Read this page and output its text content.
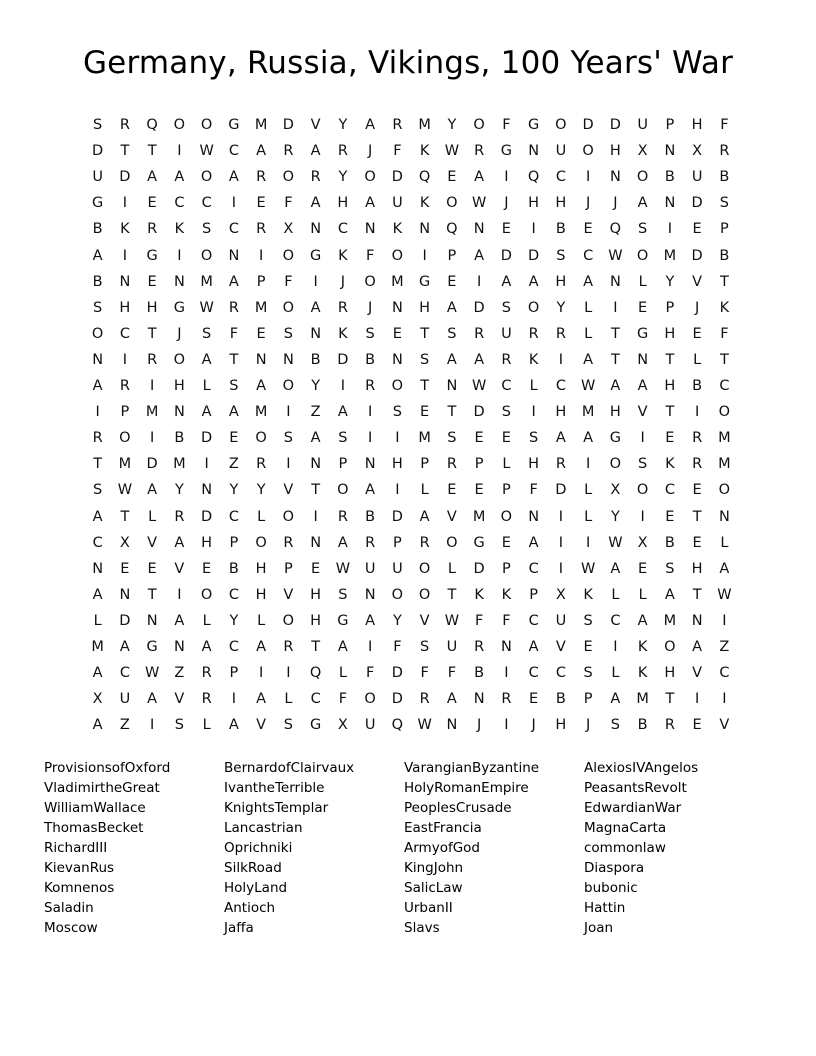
Germany, Russia, Vikings, 100 Years' War
S	R	Q	O	O	G	M	D	V	Y	A	R	M	Y	O	F	G	O	D	D	U	P	H	F
D	T	T	I	W	C	A	R	A	R	J	F	K	W	R	G	N	U	O	H	X	N	X	R
U	D	A	A	O	A	R	O	R	Y	O	D	Q	E	A	I	Q	C	I	N	O	B	U	B
G	I	E	C	C	I	E	F	A	H	A	U	K	O	W	J	H	H	J	J	A	N	D	S
B	K	R	K	S	C	R	X	N	C	N	K	N	Q	N	E	I	B	E	Q	S	I	E	P
A	I	G	I	O	N	I	O	G	K	F	O	I	P	A	D	D	S	C	W	O	M	D	B
B	N	E	N	M	A	P	F	I	J	O	M	G	E	I	A	A	H	A	N	L	Y	V	T
S	H	H	G	W	R	M	O	A	R	J	N	H	A	D	S	O	Y	L	I	E	P	J	K
O	C	T	J	S	F	E	S	N	K	S	E	T	S	R	U	R	R	L	T	G	H	E	F
N	I	R	O	A	T	N	N	B	D	B	N	S	A	A	R	K	I	A	T	N	T	L	T
A	R	I	H	L	S	A	O	Y	I	R	O	T	N	W	C	L	C	W	A	A	H	B	C
I	P	M	N	A	A	M	I	Z	A	I	S	E	T	D	S	I	H	M	H	V	T	I	O
R	O	I	B	D	E	O	S	A	S	I	I	M	S	E	E	S	A	A	G	I	E	R	M
T	M	D	M	I	Z	R	I	N	P	N	H	P	R	P	L	H	R	I	O	S	K	R	M
S	W	A	Y	N	Y	Y	V	T	O	A	I	L	E	E	P	F	D	L	X	O	C	E	O
A	T	L	R	D	C	L	O	I	R	B	D	A	V	M	O	N	I	L	Y	I	E	T	N
C	X	V	A	H	P	O	R	N	A	R	P	R	O	G	E	A	I	I	W	X	B	E	L
N	E	E	V	E	B	H	P	E	W	U	U	O	L	D	P	C	I	W	A	E	S	H	A
A	N	T	I	O	C	H	V	H	S	N	O	O	T	K	K	P	X	K	L	L	A	T	W
L	D	N	A	L	Y	L	O	H	G	A	Y	V	W	F	F	C	U	S	C	A	M	N	I
M	A	G	N	A	C	A	R	T	A	I	F	S	U	R	N	A	V	E	I	K	O	A	Z
A	C	W	Z	R	P	I	I	Q	L	F	D	F	F	B	I	C	C	S	L	K	H	V	C
X	U	A	V	R	I	A	L	C	F	O	D	R	A	N	R	E	B	P	A	M	T	I	I
A	Z	I	S	L	A	V	S	G	X	U	Q	W	N	J	I	J	H	J	S	B	R	E	V
ProvisionsofOxford
VladimirtheGreat
WilliamWallace
ThomasBecket
RichardIII
KievanRus
Komnenos
Saladin
Moscow
BernardofClairvaux
IvantheTerrible
KnightsTemplar
Lancastrian
Oprichniki
SilkRoad
HolyLand
Antioch
Jaffa
VarangianByzantine
HolyRomanEmpire
PeoplesCrusade
EastFrancia
ArmyofGod
KingJohn
SalicLaw
UrbanII
Slavs
AlexiosIVAngelos
PeasantsRevolt
EdwardianWar
MagnaCarta
commonlaw
Diaspora
bubonic
Hattin
Joan
